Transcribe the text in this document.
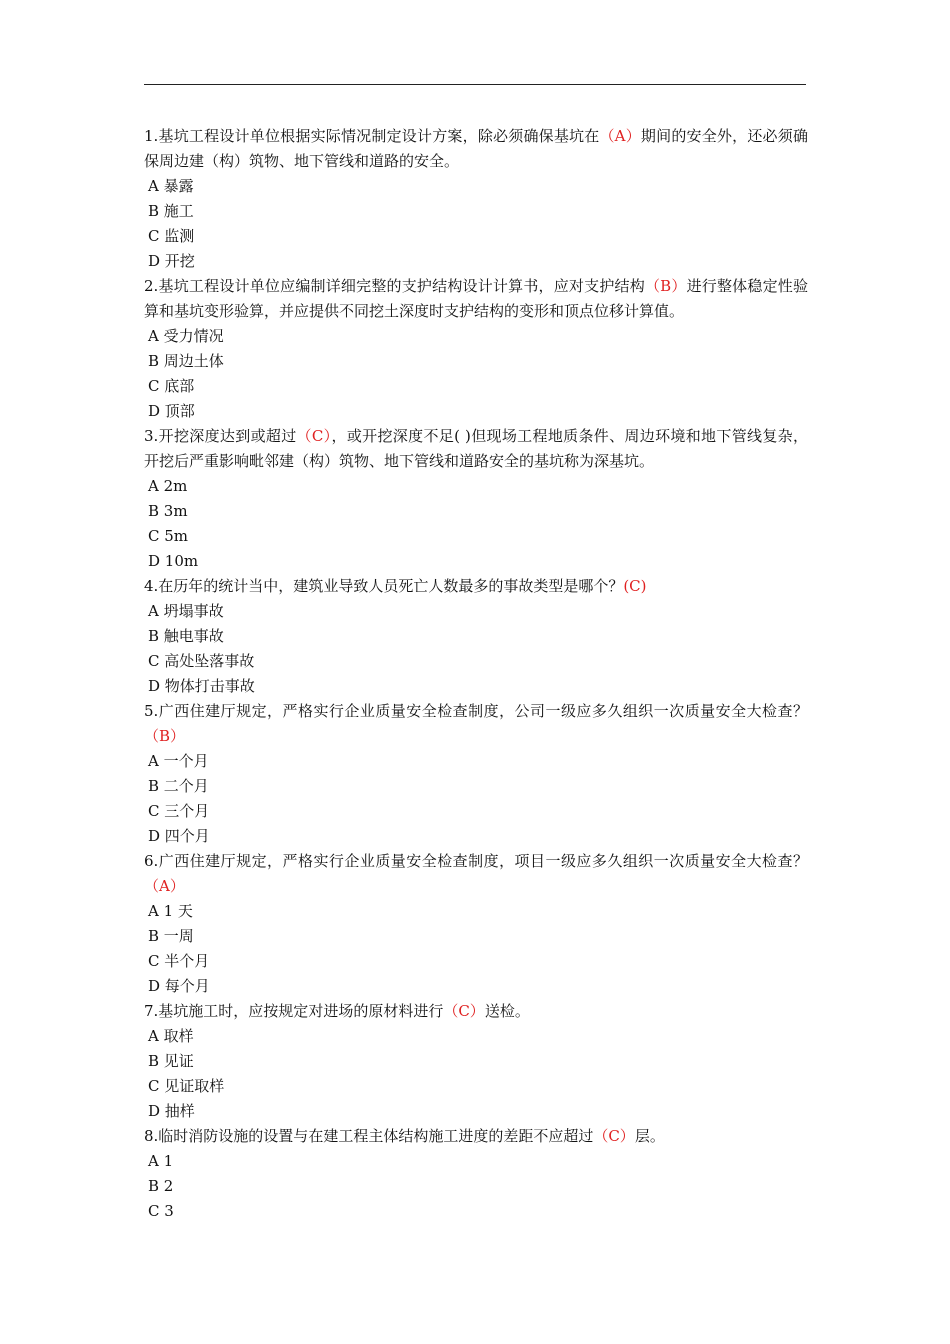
1.基坑工程设计单位根据实际情况制定设计方案，除必须确保基坑在（A）期间的安全外，还必须确保周边建（构）筑物、地下管线和道路的安全。

A 暴露

B 施工

C 监测

D 开挖

2.基坑工程设计单位应编制详细完整的支护结构设计计算书，应对支护结构（B）进行整体稳定性验算和基坑变形验算，并应提供不同挖土深度时支护结构的变形和顶点位移计算值。

A 受力情况

B 周边土体

C 底部

D 顶部

3.开挖深度达到或超过（C），或开挖深度不足( )但现场工程地质条件、周边环境和地下管线复杂，开挖后严重影响毗邻建（构）筑物、地下管线和道路安全的基坑称为深基坑。

A 2m

B 3m

C 5m

D 10m

4.在历年的统计当中，建筑业导致人员死亡人数最多的事故类型是哪个？(C)

A 坍塌事故

B 触电事故

C 高处坠落事故

D 物体打击事故

5.广西住建厅规定，严格实行企业质量安全检查制度，公司一级应多久组织一次质量安全大检查？（B）

A 一个月

B 二个月

C 三个月

D 四个月

6.广西住建厅规定，严格实行企业质量安全检查制度，项目一级应多久组织一次质量安全大检查？（A）

A 1 天

B 一周

C 半个月

D 每个月

7.基坑施工时，应按规定对进场的原材料进行（C）送检。

A 取样

B 见证

C 见证取样

D 抽样

8.临时消防设施的设置与在建工程主体结构施工进度的差距不应超过（C）层。

A 1

B 2

C 3
